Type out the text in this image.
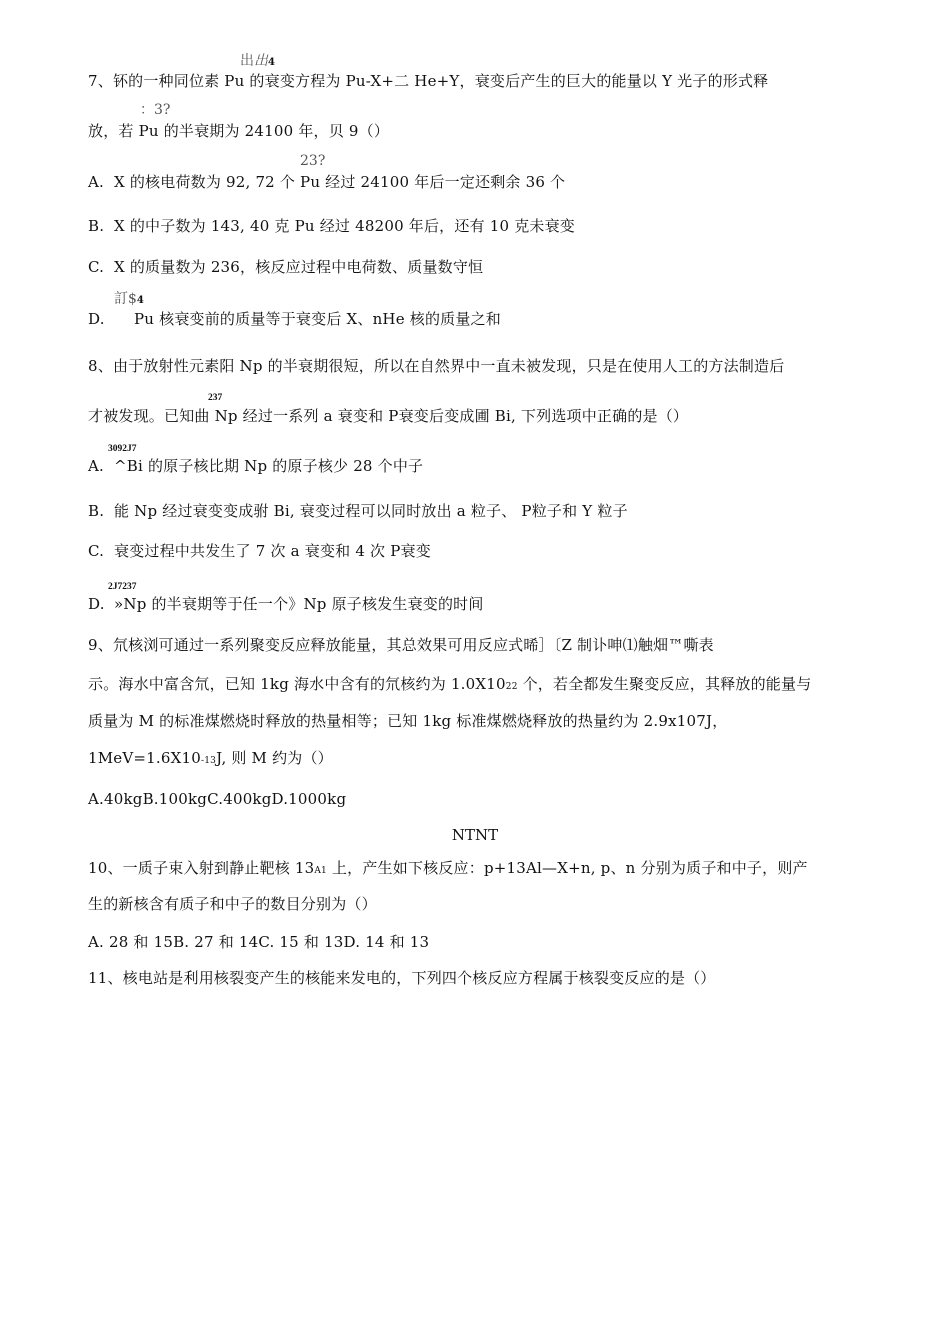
出出4
7、钚的一种同位素 Pu 的衰变方程为 Pu-X+二 He+Y，衰变后产生的巨大的能量以 Y 光子的形式释
：3?
放，若 Pu 的半衰期为 24100 年，贝 9（）
23?
A. X 的核电荷数为 92, 72 个 Pu 经过 24100 年后一定还剩余 36 个
B. X 的中子数为 143, 40 克 Pu 经过 48200 年后，还有 10 克未衰变
C. X 的质量数为 236，核反应过程中电荷数、质量数守恒
訂$4
D. Pu 核衰变前的质量等于衰变后 X、nHe 核的质量之和
8、由于放射性元素阳 Np 的半衰期很短，所以在自然界中一直未被发现，只是在使用人工的方法制造后
237
才被发现。已知曲 Np 经过一系列 a 衰变和 P衰变后变成圃 Bi, 下列选项中正确的是（）
3092J7
A. ^Bi 的原子核比期 Np 的原子核少 28 个中子
B. 能 Np 经过衰变变成驸 Bi, 衰变过程可以同时放出 a 粒子、 P粒子和 Y 粒子
C. 衰变过程中共发生了 7 次 a 衰变和 4 次 P衰变
2J7237
D. »Np 的半衰期等于任一个》Np 原子核发生衰变的时间
9、氘核浏可通过一系列聚变反应释放能量，其总效果可用反应式晞］〔Z 制讣呻⑴触畑™嘶表
示。海水中富含氘，已知 1kg 海水中含有的氘核约为 1.0X1022 个，若全都发生聚变反应，其释放的能量与
质量为 M 的标准煤燃烧时释放的热量相等；已知 1kg 标准煤燃烧释放的热量约为 2.9x107J，
1MeV=1.6X10-13J, 则 M 约为（）
A.40kgB.100kgC.400kgD.1000kg
NTNT
10、一质子束入射到静止靶核 13A1 上，产生如下核反应：p+13Al—X+n, p、n 分别为质子和中子，则产
生的新核含有质子和中子的数目分别为（）
A. 28 和 15B. 27 和 14C. 15 和 13D. 14 和 13
11、核电站是利用核裂变产生的核能来发电的，下列四个核反应方程属于核裂变反应的是（）
